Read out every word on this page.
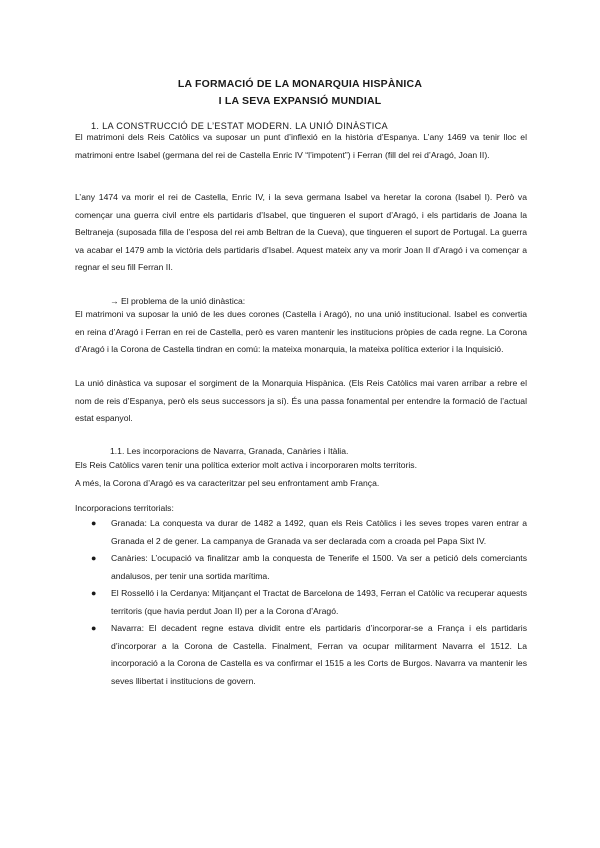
LA FORMACIÓ DE LA MONARQUIA HISPÀNICA
I LA SEVA EXPANSIÓ MUNDIAL
1. LA CONSTRUCCIÓ DE L’ESTAT MODERN. LA UNIÓ DINÀSTICA
El matrimoni dels Reis Catòlics va suposar un punt d’inflexió en la història d’Espanya. L’any 1469 va tenir lloc el matrimoni entre Isabel (germana del rei de Castella Enric IV “l’impotent”) i Ferran (fill del rei d’Aragó, Joan II).
L’any 1474 va morir el rei de Castella, Enric IV, i la seva germana Isabel va heretar la corona (Isabel I). Però va començar una guerra civil entre els partidaris d’Isabel, que tingueren el suport d’Aragó, i els partidaris de Joana la Beltraneja (suposada filla de l’esposa del rei amb Beltran de la Cueva), que tingueren el suport de Portugal. La guerra va acabar el 1479 amb la victòria dels partidaris d’Isabel. Aquest mateix any va morir Joan II d’Aragó i va començar a regnar el seu fill Ferran II.
→ El problema de la unió dinàstica:
El matrimoni va suposar la unió de les dues corones (Castella i Aragó), no una unió institucional. Isabel es convertia en reina d’Aragó i Ferran en rei de Castella, però es varen mantenir les institucions pròpies de cada regne. La Corona d’Aragó i la Corona de Castella tindran en comú: la mateixa monarquia, la mateixa política exterior i la Inquisició.
La unió dinàstica va suposar el sorgiment de la Monarquia Hispànica. (Els Reis Catòlics mai varen arribar a rebre el nom de reis d’Espanya, però els seus successors ja sí). És una passa fonamental per entendre la formació de l’actual estat espanyol.
1.1. Les incorporacions de Navarra, Granada, Canàries i Itàlia.
Els Reis Catòlics varen tenir una política exterior molt activa i incorporaren molts territoris.
A més, la Corona d’Aragó es va caracteritzar pel seu enfrontament amb França.
Incorporacions territorials:
● Granada: La conquesta va durar de 1482 a 1492, quan els Reis Catòlics i les seves tropes varen entrar a Granada el 2 de gener. La campanya de Granada va ser declarada com a croada pel Papa Sixt IV.
● Canàries: L’ocupació va finalitzar amb la conquesta de Tenerife el 1500. Va ser a petició dels comerciants andalusos, per tenir una sortida marítima.
● El Rosselló i la Cerdanya: Mitjançant el Tractat de Barcelona de 1493, Ferran el Catòlic va recuperar aquests territoris (que havia perdut Joan II) per a la Corona d’Aragó.
● Navarra: El decadent regne estava dividit entre els partidaris d’incorporar-se a França i els partidaris d’incorporar a la Corona de Castella. Finalment, Ferran va ocupar militarment Navarra el 1512. La incorporació a la Corona de Castella es va confirmar el 1515 a les Corts de Burgos. Navarra va mantenir les seves llibertat i institucions de govern.
